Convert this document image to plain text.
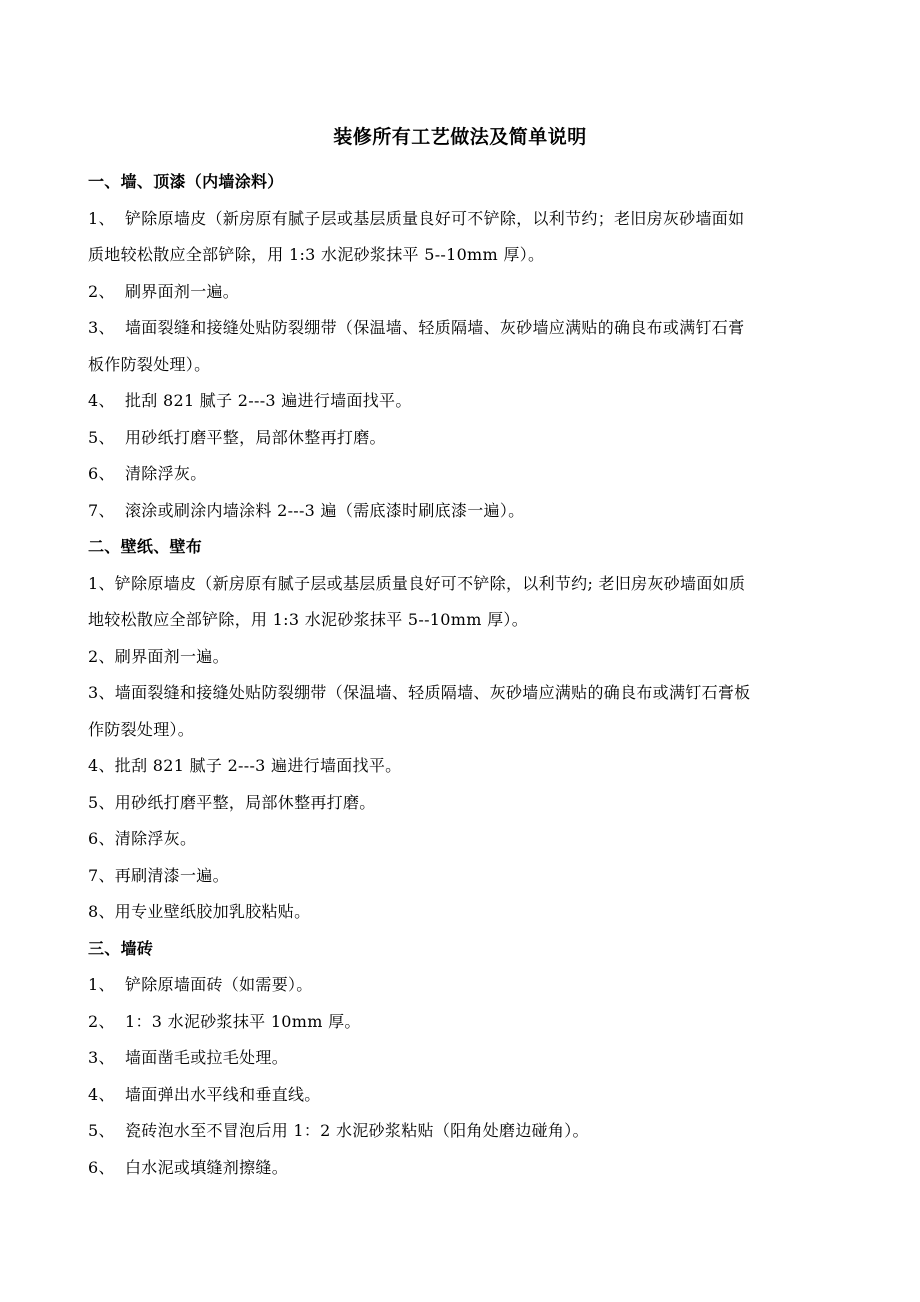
装修所有工艺做法及简单说明
一、墙、顶漆（内墙涂料）
1、 铲除原墙皮（新房原有腻子层或基层质量良好可不铲除，以利节约；老旧房灰砂墙面如
质地较松散应全部铲除，用 1:3 水泥砂浆抹平 5--10mm 厚）。
2、 刷界面剂一遍。
3、 墙面裂缝和接缝处贴防裂绷带（保温墙、轻质隔墙、灰砂墙应满贴的确良布或满钉石膏
板作防裂处理）。
4、 批刮 821 腻子 2---3 遍进行墙面找平。
5、 用砂纸打磨平整，局部休整再打磨。
6、 清除浮灰。
7、 滚涂或刷涂内墙涂料 2---3 遍（需底漆时刷底漆一遍）。
二、壁纸、壁布
1、铲除原墙皮（新房原有腻子层或基层质量良好可不铲除，以利节约; 老旧房灰砂墙面如质
地较松散应全部铲除，用 1:3 水泥砂浆抹平 5--10mm 厚）。
2、刷界面剂一遍。
3、墙面裂缝和接缝处贴防裂绷带（保温墙、轻质隔墙、灰砂墙应满贴的确良布或满钉石膏板
作防裂处理）。
4、批刮 821 腻子 2---3 遍进行墙面找平。
5、用砂纸打磨平整，局部休整再打磨。
6、清除浮灰。
7、再刷清漆一遍。
8、用专业壁纸胶加乳胶粘贴。
三、墙砖
1、 铲除原墙面砖（如需要）。
2、 1：3 水泥砂浆抹平 10mm 厚。
3、 墙面凿毛或拉毛处理。
4、 墙面弹出水平线和垂直线。
5、 瓷砖泡水至不冒泡后用 1：2 水泥砂浆粘贴（阳角处磨边碰角）。
6、 白水泥或填缝剂擦缝。
